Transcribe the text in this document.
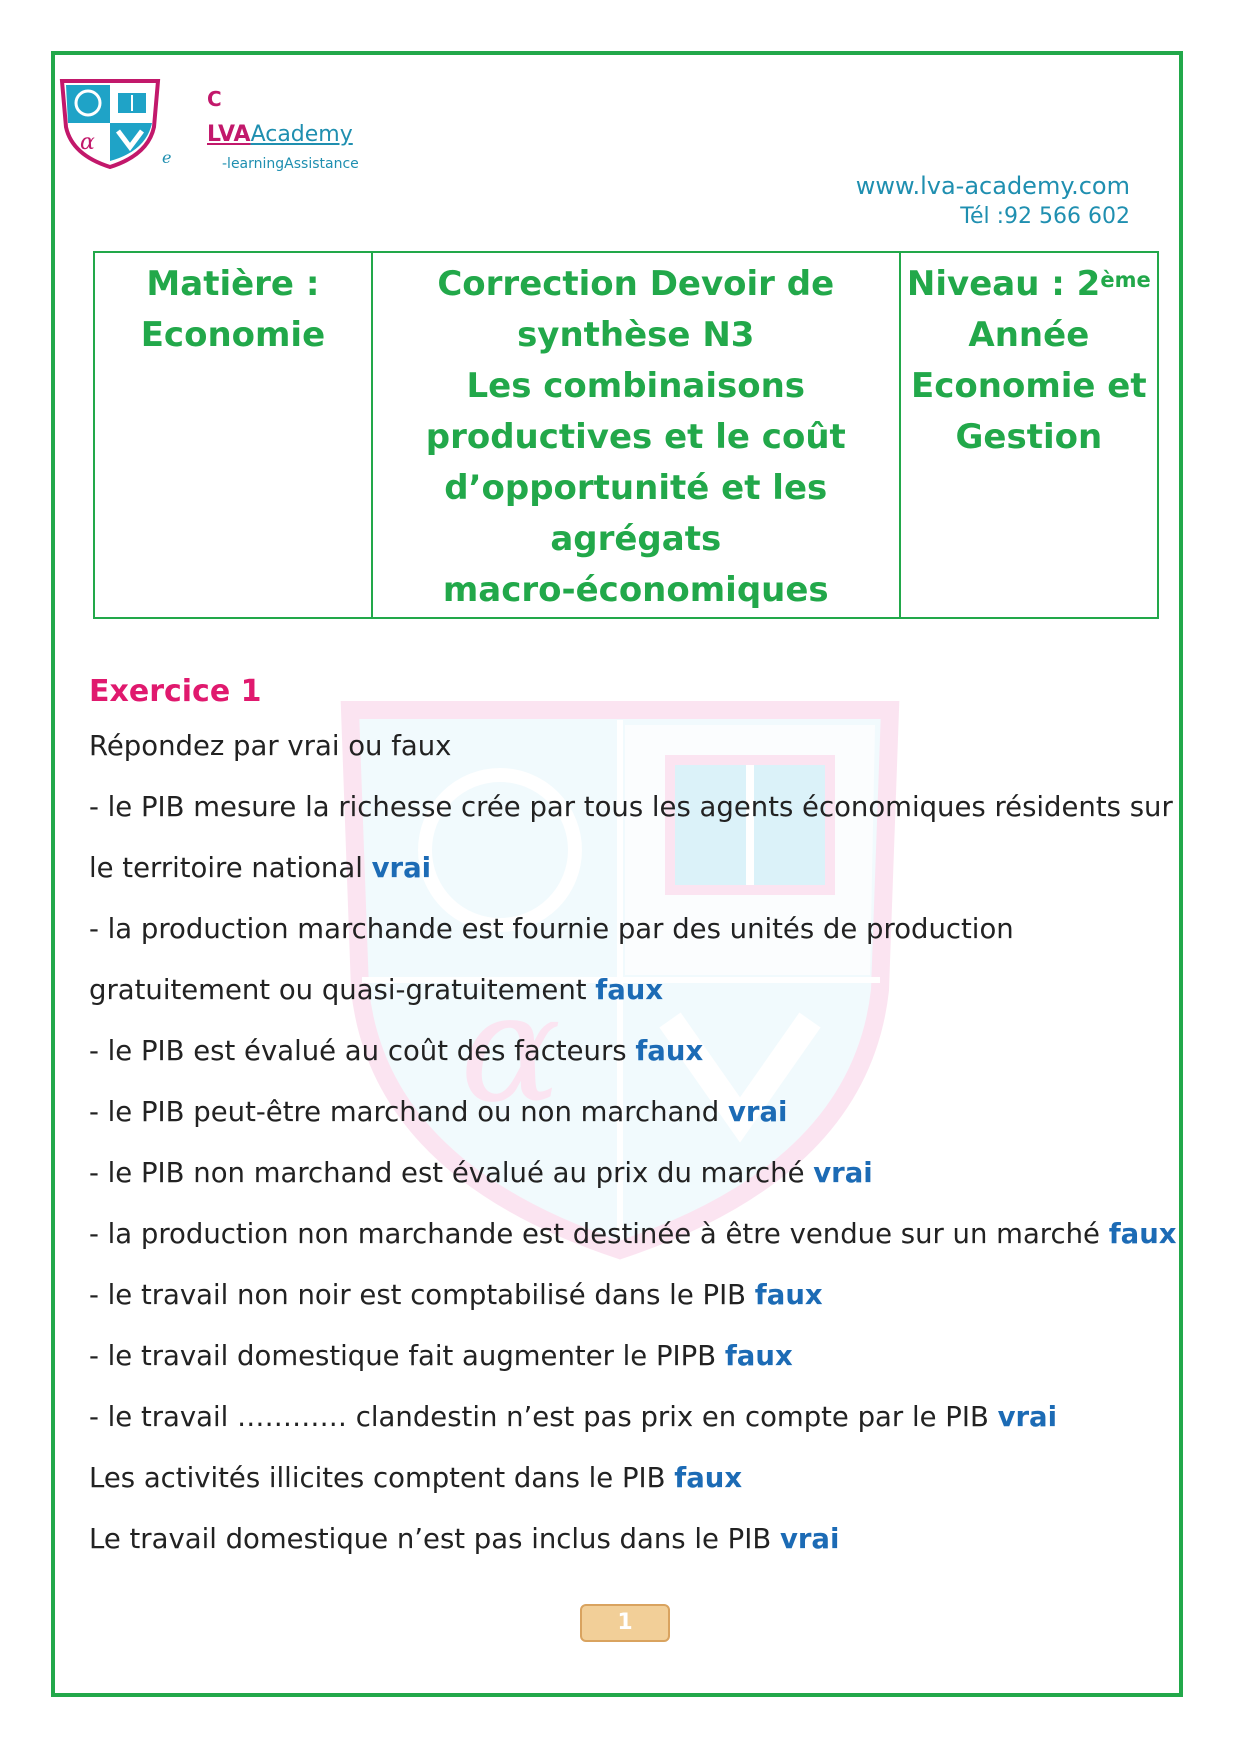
α
C
LVAAcademy
e	-learningAssistance
www.lva-academy.com
Tél :92 566 602
Matière :
Economie

Correction Devoir de
synthèse N3
Les combinaisons
productives et le coût
d’opportunité et les agrégats
macro-économiques

Niveau : 2ème
Année
Economie et
Gestion
α
Exercice 1
Répondez par vrai ou faux
- le PIB mesure la richesse crée par tous les agents économiques résidents sur
le territoire national vrai
- la production marchande est fournie par des unités de production
gratuitement ou quasi-gratuitement faux
- le PIB est évalué au coût des facteurs faux
- le PIB peut-être marchand ou non marchand vrai
- le PIB non marchand est évalué au prix du marché vrai
- la production non marchande est destinée à être vendue sur un marché faux
- le travail non noir est comptabilisé dans le PIB faux
- le travail domestique fait augmenter le PIPB faux
- le travail ………… clandestin n’est pas prix en compte par le PIB vrai
Les activités illicites comptent dans le PIB faux
Le travail domestique n’est pas inclus dans le PIB vrai
1
